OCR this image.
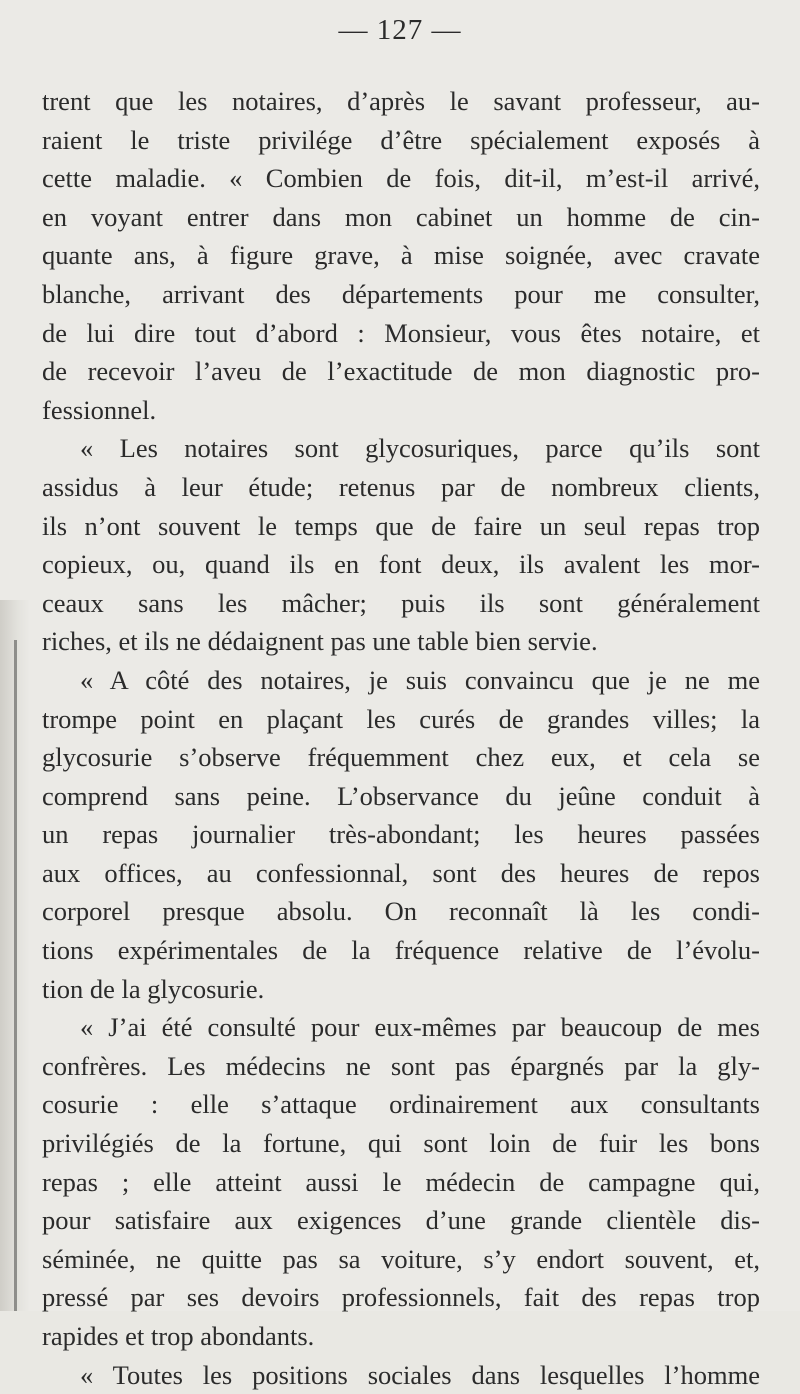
— 127 —
trent que les notaires, d’après le savant professeur, au-
raient le triste privilége d’être spécialement exposés à
cette maladie. « Combien de fois, dit-il, m’est-il arrivé,
en voyant entrer dans mon cabinet un homme de cin-
quante ans, à figure grave, à mise soignée, avec cravate
blanche, arrivant des départements pour me consulter,
de lui dire tout d’abord : Monsieur, vous êtes notaire, et
de recevoir l’aveu de l’exactitude de mon diagnostic pro-
fessionnel.
« Les notaires sont glycosuriques, parce qu’ils sont
assidus à leur étude; retenus par de nombreux clients,
ils n’ont souvent le temps que de faire un seul repas trop
copieux, ou, quand ils en font deux, ils avalent les mor-
ceaux sans les mâcher; puis ils sont généralement
riches, et ils ne dédaignent pas une table bien servie.
« A côté des notaires, je suis convaincu que je ne me
trompe point en plaçant les curés de grandes villes; la
glycosurie s’observe fréquemment chez eux, et cela se
comprend sans peine. L’observance du jeûne conduit à
un repas journalier très-abondant; les heures passées
aux offices, au confessionnal, sont des heures de repos
corporel presque absolu. On reconnaît là les condi-
tions expérimentales de la fréquence relative de l’évolu-
tion de la glycosurie.
« J’ai été consulté pour eux-mêmes par beaucoup de mes
confrères. Les médecins ne sont pas épargnés par la gly-
cosurie : elle s’attaque ordinairement aux consultants
privilégiés de la fortune, qui sont loin de fuir les bons
repas ; elle atteint aussi le médecin de campagne qui,
pour satisfaire aux exigences d’une grande clientèle dis-
séminée, ne quitte pas sa voiture, s’y endort souvent, et,
pressé par ses devoirs professionnels, fait des repas trop
rapides et trop abondants.
« Toutes les positions sociales dans lesquelles l’homme
